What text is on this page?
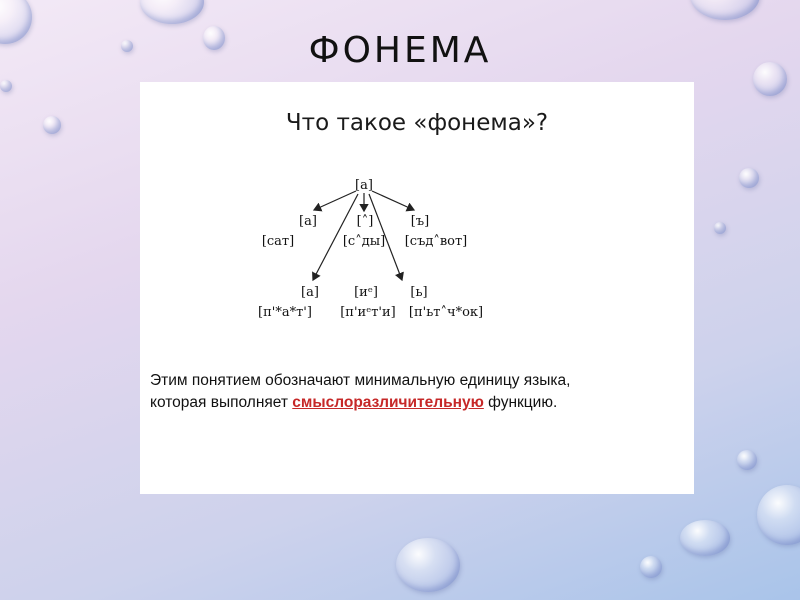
ФОНЕМА
Что такое «фонема»?
[a]
[a]	[˄]	[ъ]
[сат]	[с˄ды] [съд˄вот]
[a]	[иᵉ] [ь]
[п'*а*т'] [п'иᵉт'и] [п'ьт˄ч*ок]
Этим понятием обозначают минимальную единицу языка,
которая выполняет смыслоразличительную функцию.
